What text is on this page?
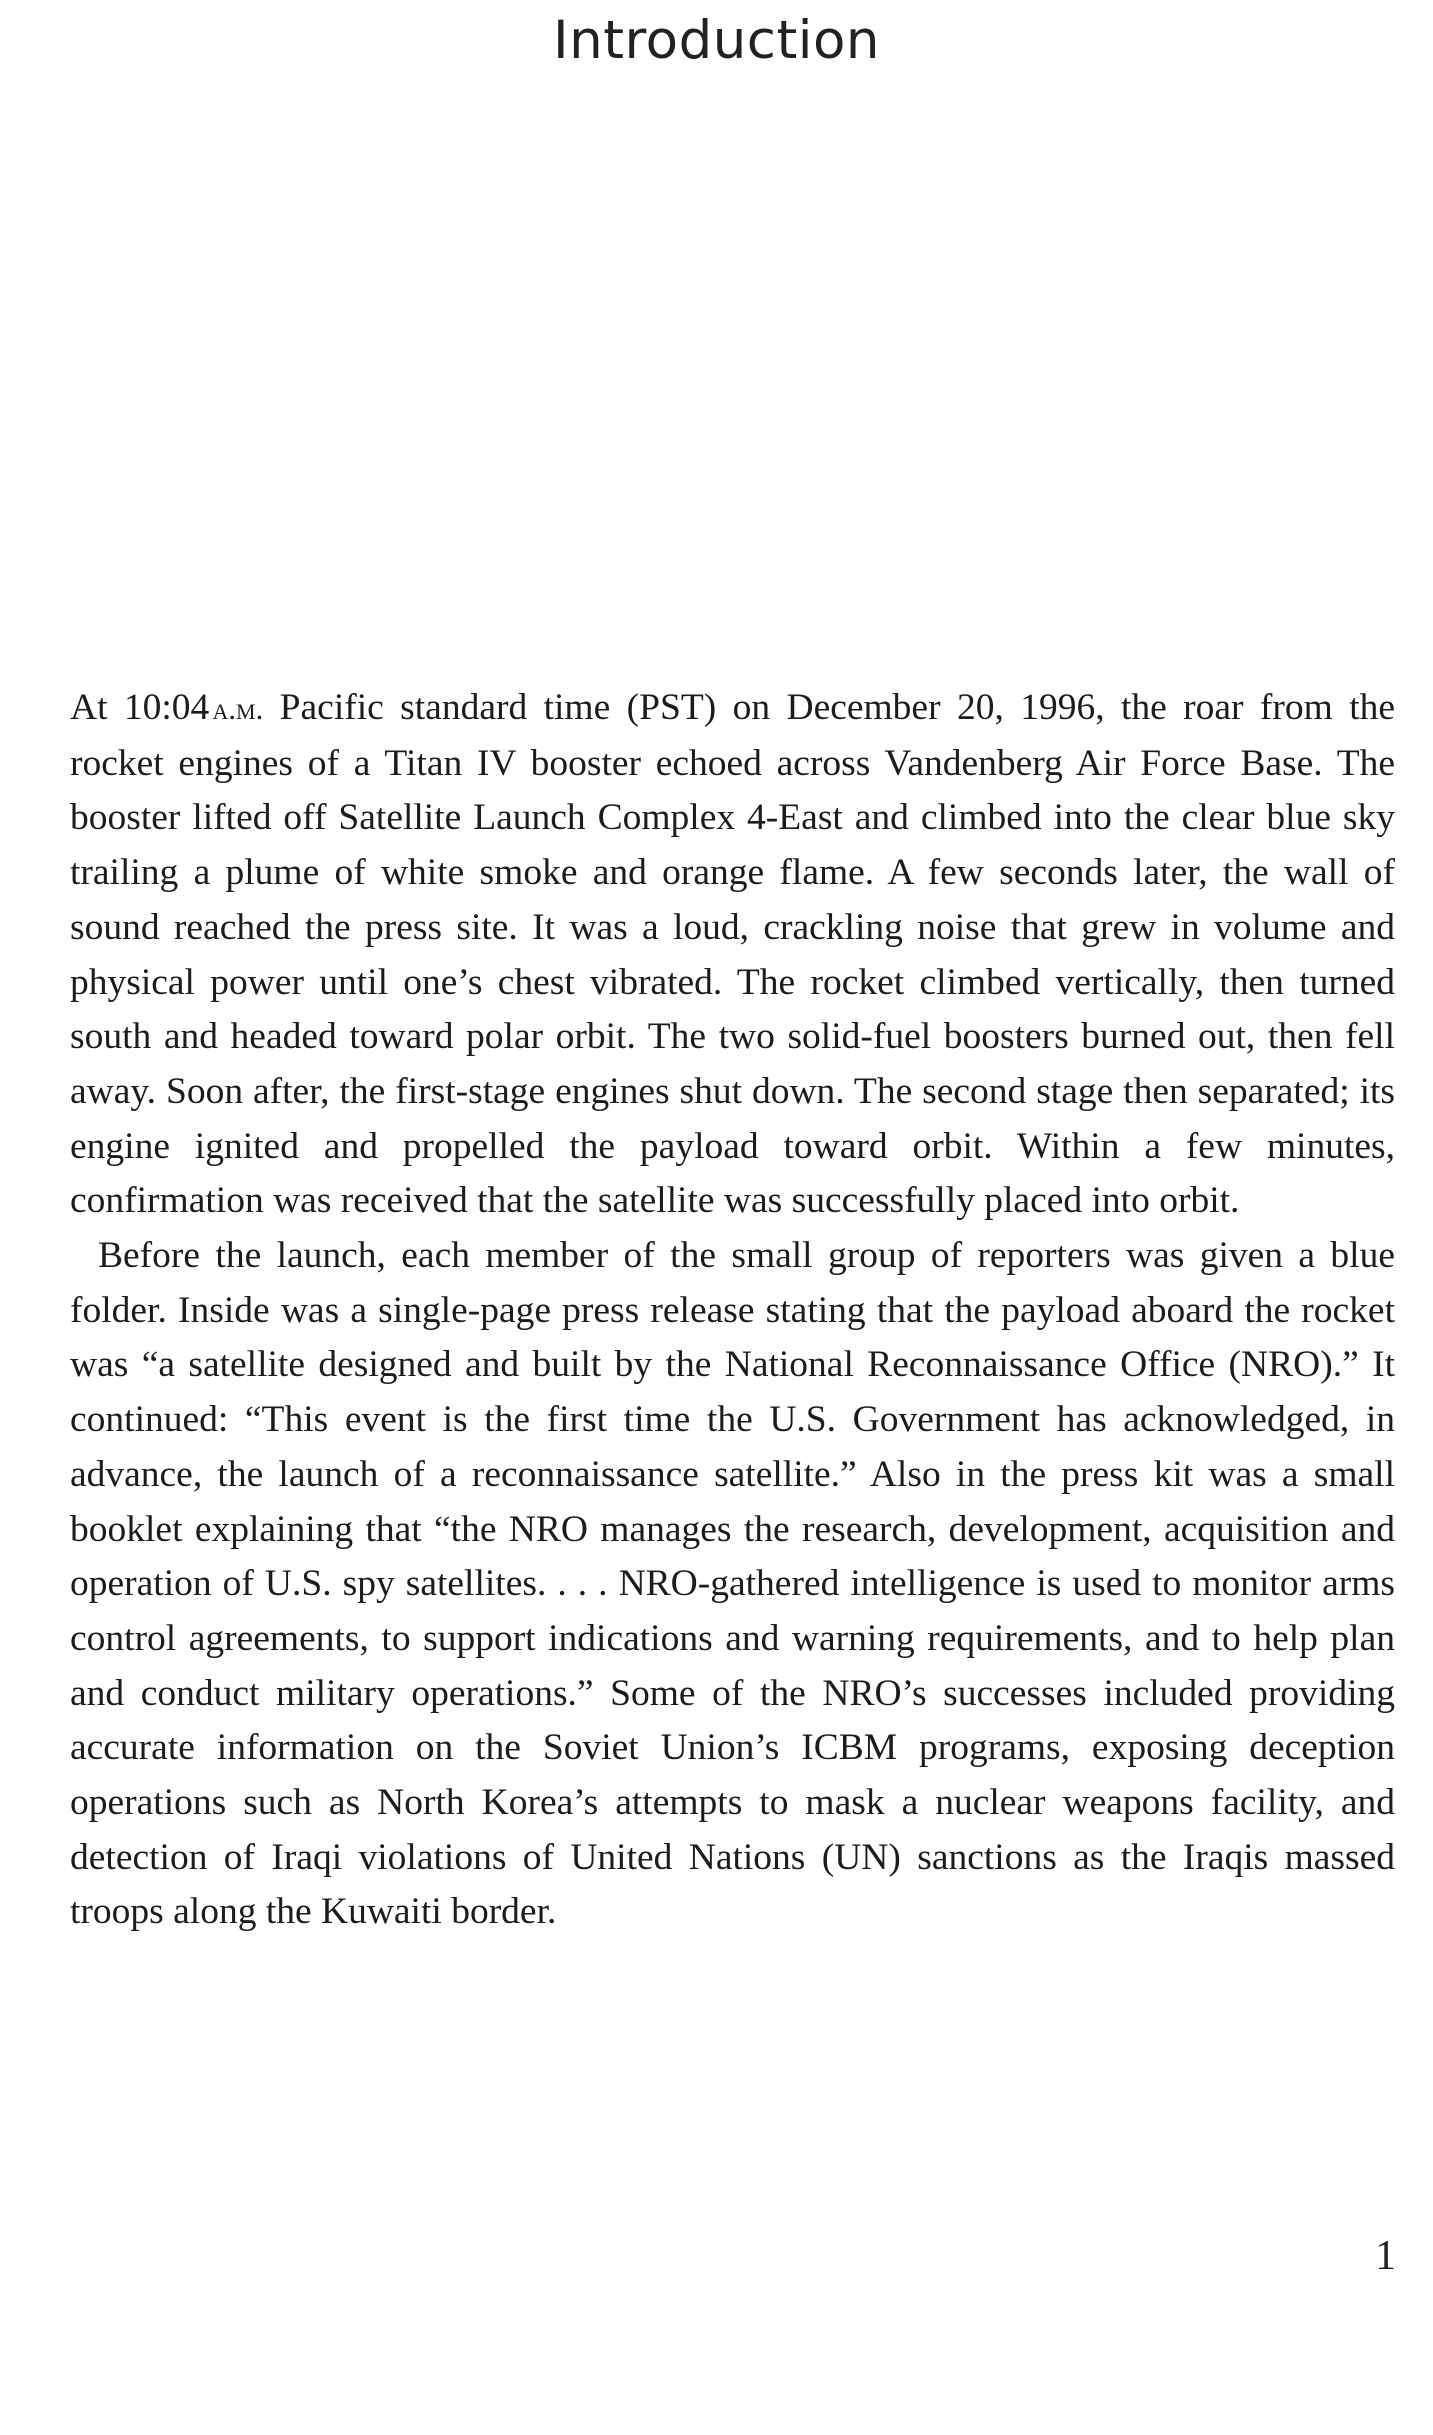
Introduction

At 10:04  a.m. Pacific standard time (PST) on December 20, 1996, the roar from the rocket engines of a Titan IV booster echoed across Vandenberg Air Force Base. The booster lifted off Satellite Launch Complex 4-East and climbed into the clear blue sky trailing a plume of white smoke and orange flame. A few seconds later, the wall of sound reached the press site. It was a loud, crackling noise that grew in volume and physical power until one’s chest vibrated. The rocket climbed vertically, then turned south and headed toward polar orbit. The two solid-fuel boosters burned out, then fell away. Soon after, the first-stage engines shut down. The second stage then separated; its engine ignited and propelled the payload toward orbit. Within a few minutes, confirmation was received that the satellite was successfully placed into orbit.

Before the launch, each member of the small group of reporters was given a blue folder. Inside was a single-page press release stating that the payload aboard the rocket was “a satellite designed and built by the National Reconnaissance Office (NRO).” It continued: “This event is the first time the U.S. Government has acknowledged, in advance, the launch of a reconnaissance satellite.” Also in the press kit was a small booklet explaining that “the NRO manages the research, development, acquisition and operation of U.S. spy satellites. . . . NRO-gathered intelligence is used to monitor arms control agreements, to support indications and warning requirements, and to help plan and conduct military operations.” Some of the NRO’s successes included providing accurate information on the Soviet Union’s ICBM programs, exposing deception operations such as North Korea’s attempts to mask a nuclear weapons facility, and detection of Iraqi violations of United Nations (UN) sanctions as the Iraqis massed troops along the Kuwaiti border.

1
